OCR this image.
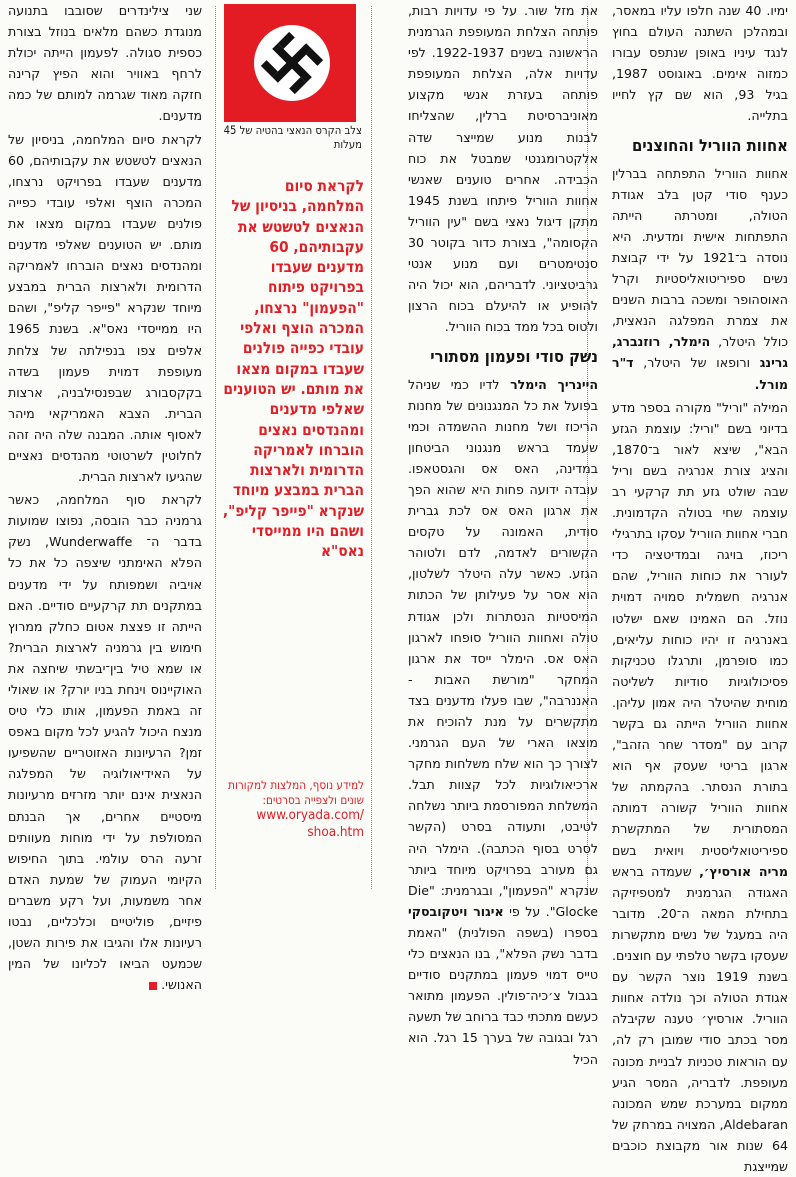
ימיו. 40 שנה חלפו עליו במאסר, ובמהלכן השתנה העולם בחוץ לנגד עיניו באופן שנתפס עבורו כמזוה אימים. באוגוסט 1987, בגיל 93, הוא שם קץ לחייו בתלייה.

אחוות הווריל והחוצנים

אחוות הווריל התפתחה בברלין כענף סודי קטן בלב אגודת הטולה, ומטרתה הייתה התפתחות אישית ומדעית. היא נוסדה ב־1921 על ידי קבוצת נשים ספיריטואליסטיות וקרל האוסהופר ומשכה ברבות השנים את צמרת המפלגה הנאצית, כולל היטלר, הימלר, רוזנברג, גרינג ורופאו של היטלר, ד"ר מורל.

המילה "וריל" מקורה בספר מדע בדיוני בשם "וריל: עוצמת הגזע הבא", שיצא לאור ב־1870, והציג צורת אנרגיה בשם וריל שבה שולט גזע תת קרקעי רב עוצמה שחי בטולה הקדמונית. חברי אחוות הווריל עסקו בתרגילי ריכוז, בויגה ובמדיטציה כדי לעורר את כוחות הווריל, שהם אנרגיה חשמלית סמויה דמוית נוזל. הם האמינו שאם ישלטו באנרגיה זו יהיו כוחות עליאים, כמו סופרמן, ותרגלו טכניקות פסיכולוגיות סודיות לשליטה מוחית שהיטלר היה אמון עליהן. אחוות הווריל הייתה גם בקשר קרוב עם "מסדר שחר הזהב", ארגון בריטי שעסק אף הוא בתורת הנסתר. בהקמתה של אחוות הווריל קשורה דמותה המסתורית של המתקשרת ספיריטואליסטית ויואית בשם מריה אורסיץ׳, שעמדה בראש האגודה הגרמנית למטפיזיקה בתחילת המאה ה־20. מדובר היה במעגל של נשים מתקשרות שעסקו בקשר טלפתי עם חוצנים. בשנת 1919 נוצר הקשר עם אגודת הטולה וכך נולדה אחוות הווריל. אורסיץ׳ טענה שקיבלה מסר בכתב סודי שמובן רק לה, עם הוראות טכניות לבניית מכונה מעופפת. לדבריה, המסר הגיע ממקום במערכת שמש המכונה Aldebaran, המצויה במרחק של 64 שנות אור מקבוצת כוכבים שמייצגת

את מזל שור. על פי עדויות רבות, פותחה הצלחת המעופפת הגרמנית הראשונה בשנים 1922-1937. לפי עדויות אלה, הצלחת המעופפת פותחה בעזרת אנשי מקצוע מאוניברסיטת ברלין, שהצליחו לבנות מנוע שמייצר שדה אלקטרומגנטי שמבטל את כוח הכבידה. אחרים טוענים שאנשי אחוות הווריל פיתחו בשנת 1945 מתקן דיגול נאצי בשם "עין הווריל הקסומה", בצורת כדור בקוטר 30 סנטימטרים ועם מנוע אנטי גרביטציוני. לדבריהם, הוא יכול היה להופיע או להיעלם בכוח הרצון ולטוס בכל ממד בכוח הווריל.

נשק סודי ופעמון מסתורי

היינריך הימלר לדיו כמי שניהל בפועל את כל המנגנונים של מחנות הריכוז ושל מחנות ההשמדה וכמי שעמד בראש מנגנוני הביטחון במדינה, האס אס והגסטאפו. עובדה ידועה פחות היא שהוא הפך את ארגון האס אס לכת גברית סודית, האמונה על טקסים הקשורים לאדמה, לדם ולטוהר הגזע. כאשר עלה היטלר לשלטון, הוא אסר על פעילותן של הכתות המיסטיות הנסתרות ולכן אגודת טולה ואחוות הווריל סופחו לארגון האס אס. הימלר ייסד את ארגון המחקר "מורשת האבות - האננרבה", שבו פעלו מדענים בצד מתקשרים על מנת להוכיח את מוצאו הארי של העם הגרמני. לצורך כך הוא שלח משלחות מחקר ארכיאולוגיות לכל קצוות תבל. המשלחת המפורסמת ביותר נשלחה לטיבט, ותעודה בסרט (הקשר לסרט בסוף הכתבה). הימלר היה גם מעורב בפרויקט מיוחד ביותר שנקרא "הפעמון", ובגרמנית: "Die Glocke". על פי איגור ויטקובסקי בספרו (בשפה הפולנית) "האמת בדבר נשק הפלא", בנו הנאצים כלי טייס דמוי פעמון במתקנים סודיים בגבול צ׳כיה־פולין. הפעמון מתואר כעשם מתכתי כבד ברוחב של תשעה רגל ובגובה של בערך 15 רגל. הוא הכיל

צלב הקרס הנאצי בהטיה של 45 מעלות
לקראת סיום המלחמה, בניסיון של הנאצים לטשטש את עקבותיהם, 60 מדענים שעבדו בפרויקט פיתוח "הפעמון" נרצחו, המכרה הוצף ואלפי עובדי כפייה פולנים שעבדו במקום מצאו את מותם. יש הטוענים שאלפי מדענים ומהנדסים נאצים הוברחו לאמריקה הדרומית ולארצות הברית במבצע מיוחד שנקרא "פייפר קליפ", ושהם היו ממייסדי נאס"א
למידע נוסף, המלצות למקורות שונים ולצפייה בסרטים:
www.oryada.com/
shoa.htm

שני צילינדרים שסובבו בתנועה מנוגדת כשהם מלאים בנוזל בצורת כספית סגולה. לפעמון הייתה יכולת לרחף באוויר והוא הפיץ קרינה חזקה מאוד שגרמה למותם של כמה מדענים.

לקראת סיום המלחמה, בניסיון של הנאצים לטשטש את עקבותיהם, 60 מדענים שעבדו בפרויקט נרצחו, המכרה הוצף ואלפי עובדי כפייה פולנים שעבדו במקום מצאו את מותם. יש הטוענים שאלפי מדענים ומהנדסים נאצים הוברחו לאמריקה הדרומית ולארצות הברית במבצע מיוחד שנקרא "פייפר קליפ", ושהם היו ממייסדי נאס"א. בשנת 1965 אלפים צפו בנפילתה של צלחת מעופפת דמוית פעמון בשדה בקקסבורג שבפנסילבניה, ארצות הברית. הצבא האמריקאי מיהר לאסוף אותה. המבנה שלה היה זהה לחלוטין לשרטוטי מהנדסים נאציים שהגיעו לארצות הברית.

לקראת סוף המלחמה, כאשר גרמניה כבר הובסה, נפוצו שמועות בדבר ה־ Wunderwaffe, נשק הפלא האימתני שיצפה כל את כל אויביה ושמפותח על ידי מדענים במתקנים תת קרקעיים סודיים. האם הייתה זו פצצת אטום כחלק ממרוץ חימוש בין גרמניה לארצות הברית? או שמא טיל בין־יבשתי שיחצה את האוקיינוס וינחת בניו יורק? או שאולי זה באמת הפעמון, אותו כלי טיס מנצח היכול להגיע לכל מקום באפס זמן? הרעיונות האזוטריים שהשפיעו על האידיאולוגיה של המפלגה הנאצית אינם יותר מזרזים מרעיונות מיסטיים אחרים, אך הבנתם המסולפת על ידי מוחות מעוותים זרעה הרס עולמי. בתוך החיפוש הקיומי העמוק של שמעת האדם אחר משמעות, ועל רקע משברים פיזיים, פוליטיים וכלכליים, נבטו רעיונות אלו והגיבו את פירות השטן, שכמעט הביאו לכליונו של המין האנושי.
